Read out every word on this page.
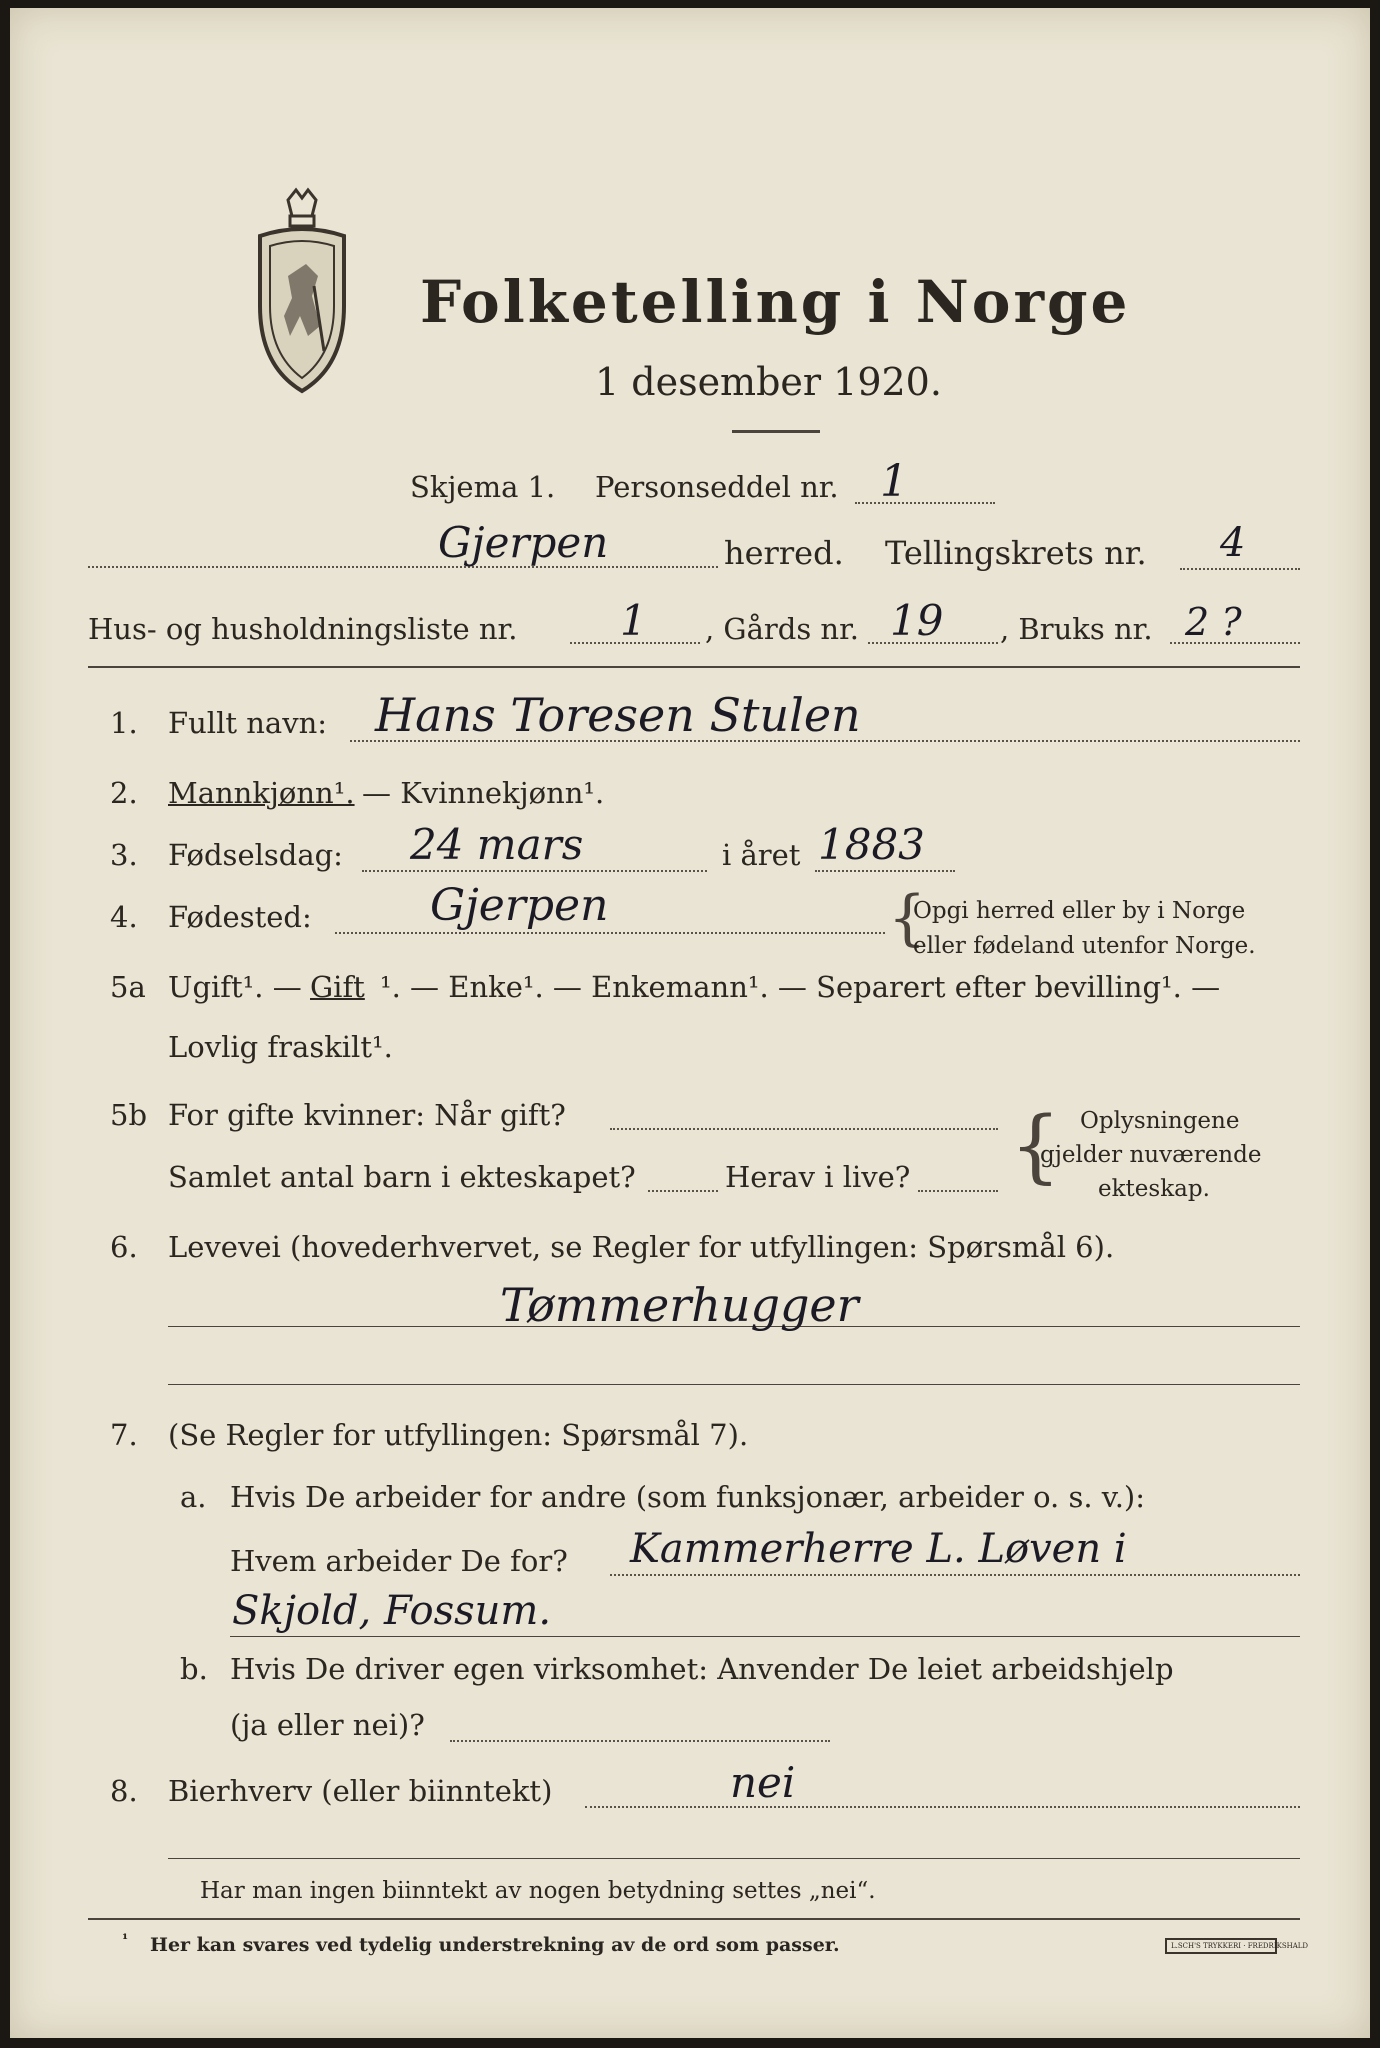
Folketelling i Norge
1 desember 1920.
Skjema 1. Personseddel nr. 1
Gjerpen	herred. Tellingskrets nr. 4
Hus- og husholdningsliste nr. 1 , Gårds nr. 19 , Bruks nr. 2 ?
1. Fullt navn: Hans Toresen Stulen
2. Mannkjønn¹. — Kvinnekjønn¹.
3. Fødselsdag: 24 mars	i året 1883
4. Fødested:	Gjerpen	{
Opgi herred eller by i Norge
eller fødeland utenfor Norge.
5a Ugift¹. — Gift ¹. — Enke¹. — Enkemann¹. — Separert efter bevilling¹. —
Lovlig fraskilt¹.
5b For gifte kvinner: Når gift?
Samlet antal barn i ekteskapet?	Herav i live? { Oplysningene
gjelder nuværende
ekteskap.
6. Levevei (hovederhvervet, se Regler for utfyllingen: Spørsmål 6).
Tømmerhugger
7. (Se Regler for utfyllingen: Spørsmål 7).
a. Hvis De arbeider for andre (som funksjonær, arbeider o. s. v.):
Hvem arbeider De for? Kammerherre L. Løven i
Skjold, Fossum.
b. Hvis De driver egen virksomhet: Anvender De leiet arbeidshjelp
(ja eller nei)?
8. Bierhverv (eller biinntekt)	nei
Har man ingen biinntekt av nogen betydning settes „nei“.
¹ Her kan svares ved tydelig understrekning av de ord som passer.	L.SCH'S TRYKKERI · FREDRIKSHALD
